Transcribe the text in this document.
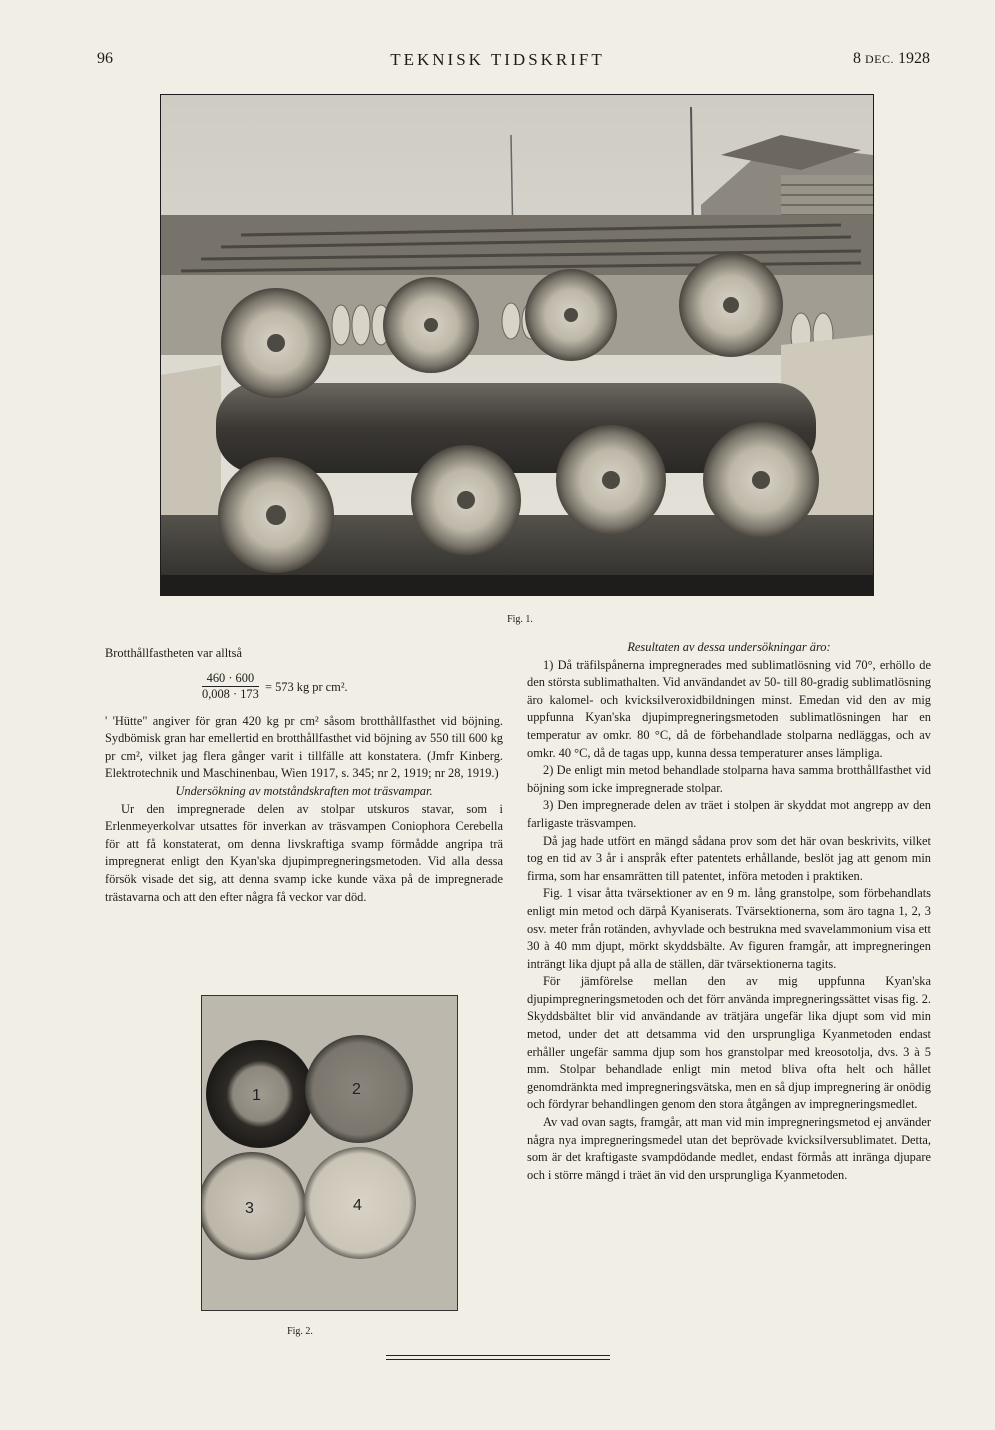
96	TEKNISK TIDSKRIFT	8 DEC. 1928
Fig. 1.

Brotthållfastheten var alltså

$\frac{460 \cdot 600}{0,008 \cdot 173} = 573$ kg pr cm².

' 'Hütte" angiver för gran 420 kg pr cm² såsom brotthållfasthet vid böjning. Sydbömisk gran har emellertid en brotthållfasthet vid böjning av 550 till 600 kg pr cm², vilket jag flera gånger varit i tillfälle att konstatera. (Jmfr Kinberg. Elektrotechnik und Maschinenbau, Wien 1917, s. 345; nr 2, 1919; nr 28, 1919.)

Undersökning av motståndskraften mot träsvampar.

Ur den impregnerade delen av stolpar utskuros stavar, som i Erlenmeyerkolvar utsattes för inverkan av träsvampen Coniophora Cerebella för att få konstaterat, om denna livskraftiga svamp förmådde angripa trä impregnerat enligt den Kyan'ska djupimpregneringsmetoden. Vid alla dessa försök visade det sig, att denna svamp icke kunde växa på de impregnerade trästavarna och att den efter några få veckor var död.

1	2
3	4
Fig. 2.

Resultaten av dessa undersökningar äro:

1) Då träfilspånerna impregnerades med sublimatlösning vid 70°, erhöllo de den största sublimathalten. Vid användandet av 50- till 80-gradig sublimatlösning äro kalomel- och kvicksilveroxidbildningen minst. Emedan vid den av mig uppfunna Kyan'ska djupimpregneringsmetoden sublimatlösningen har en temperatur av omkr. 80 °C, då de förbehandlade stolparna nedläggas, och av omkr. 40 °C, då de tagas upp, kunna dessa temperaturer anses lämpliga.

2) De enligt min metod behandlade stolparna hava samma brotthållfasthet vid böjning som icke impregnerade stolpar.

3) Den impregnerade delen av träet i stolpen är skyddat mot angrepp av den farligaste träsvampen.

Då jag hade utfört en mängd sådana prov som det här ovan beskrivits, vilket tog en tid av 3 år i anspråk efter patentets erhållande, beslöt jag att genom min firma, som har ensamrätten till patentet, införa metoden i praktiken.

Fig. 1 visar åtta tvärsektioner av en 9 m. lång granstolpe, som förbehandlats enligt min metod och därpå Kyaniserats. Tvärsektionerna, som äro tagna 1, 2, 3 osv. meter från rotänden, avhyvlade och bestrukna med svavelammonium visa ett 30 à 40 mm djupt, mörkt skyddsbälte. Av figuren framgår, att impregneringen inträngt lika djupt på alla de ställen, där tvärsektionerna tagits.

För jämförelse mellan den av mig uppfunna Kyan'ska djupimpregneringsmetoden och det förr använda impregneringssättet visas fig. 2. Skyddsbältet blir vid användande av trätjära ungefär lika djupt som vid min metod, under det att detsamma vid den ursprungliga Kyanmetoden endast erhåller ungefär samma djup som hos granstolpar med kreosotolja, dvs. 3 à 5 mm. Stolpar behandlade enligt min metod bliva ofta helt och hållet genomdränkta med impregneringsvätska, men en så djup impregnering är onödig och fördyrar behandlingen genom den stora åtgången av impregneringsmedlet.

Av vad ovan sagts, framgår, att man vid min impregneringsmetod ej använder några nya impregneringsmedel utan det beprövade kvicksilversublimatet. Detta, som är det kraftigaste svampdödande medlet, endast förmås att inränga djupare och i större mängd i träet än vid den ursprungliga Kyanmetoden.
